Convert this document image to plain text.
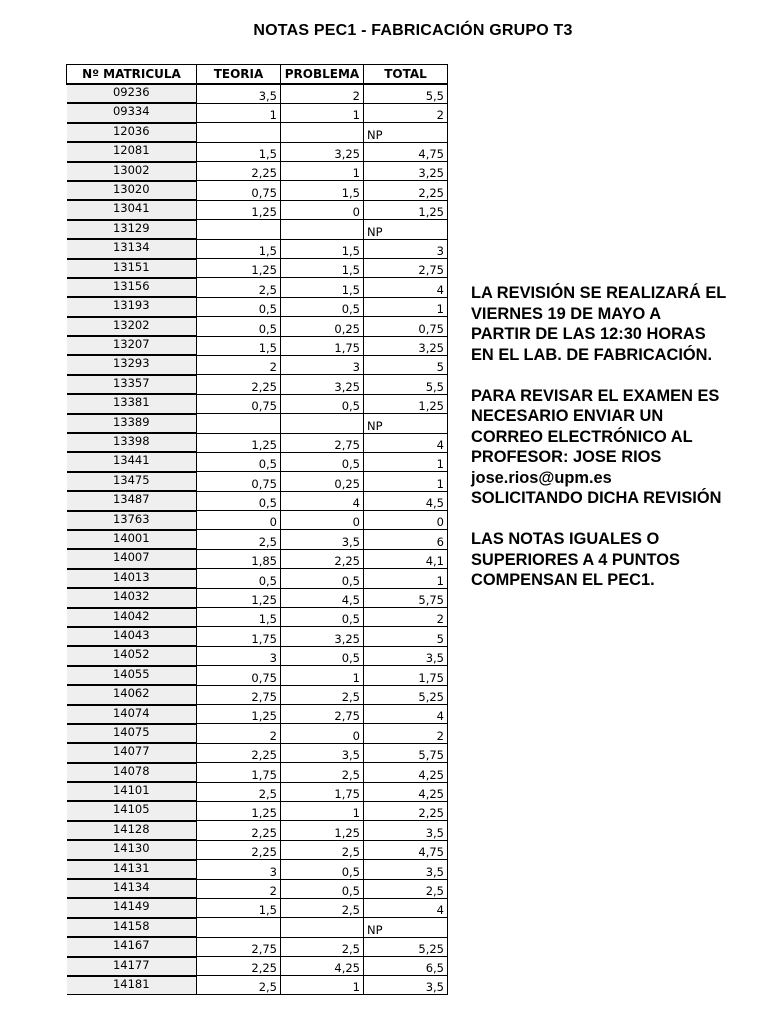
NOTAS PEC1 - FABRICACIÓN GRUPO T3
Nº MATRICULA	TEORIA	PROBLEMA	TOTAL
09236	3,5	2	5,5
09334	1	1	2
12036			NP
12081	1,5	3,25	4,75
13002	2,25	1	3,25
13020	0,75	1,5	2,25
13041	1,25	0	1,25
13129			NP
13134	1,5	1,5	3
13151	1,25	1,5	2,75
13156	2,5	1,5	4
13193	0,5	0,5	1
13202	0,5	0,25	0,75
13207	1,5	1,75	3,25
13293	2	3	5
13357	2,25	3,25	5,5
13381	0,75	0,5	1,25
13389			NP
13398	1,25	2,75	4
13441	0,5	0,5	1
13475	0,75	0,25	1
13487	0,5	4	4,5
13763	0	0	0
14001	2,5	3,5	6
14007	1,85	2,25	4,1
14013	0,5	0,5	1
14032	1,25	4,5	5,75
14042	1,5	0,5	2
14043	1,75	3,25	5
14052	3	0,5	3,5
14055	0,75	1	1,75
14062	2,75	2,5	5,25
14074	1,25	2,75	4
14075	2	0	2
14077	2,25	3,5	5,75
14078	1,75	2,5	4,25
14101	2,5	1,75	4,25
14105	1,25	1	2,25
14128	2,25	1,25	3,5
14130	2,25	2,5	4,75
14131	3	0,5	3,5
14134	2	0,5	2,5
14149	1,5	2,5	4
14158			NP
14167	2,75	2,5	5,25
14177	2,25	4,25	6,5
14181	2,5	1	3,5

LA REVISIÓN SE REALIZARÁ EL
VIERNES 19 DE MAYO A
PARTIR DE LAS 12:30 HORAS
EN EL LAB. DE FABRICACIÓN.

PARA REVISAR EL EXAMEN ES
NECESARIO ENVIAR UN
CORREO ELECTRÓNICO AL
PROFESOR: JOSE RIOS
jose.rios@upm.es
SOLICITANDO DICHA REVISIÓN

LAS NOTAS IGUALES O
SUPERIORES A 4 PUNTOS
COMPENSAN EL PEC1.
